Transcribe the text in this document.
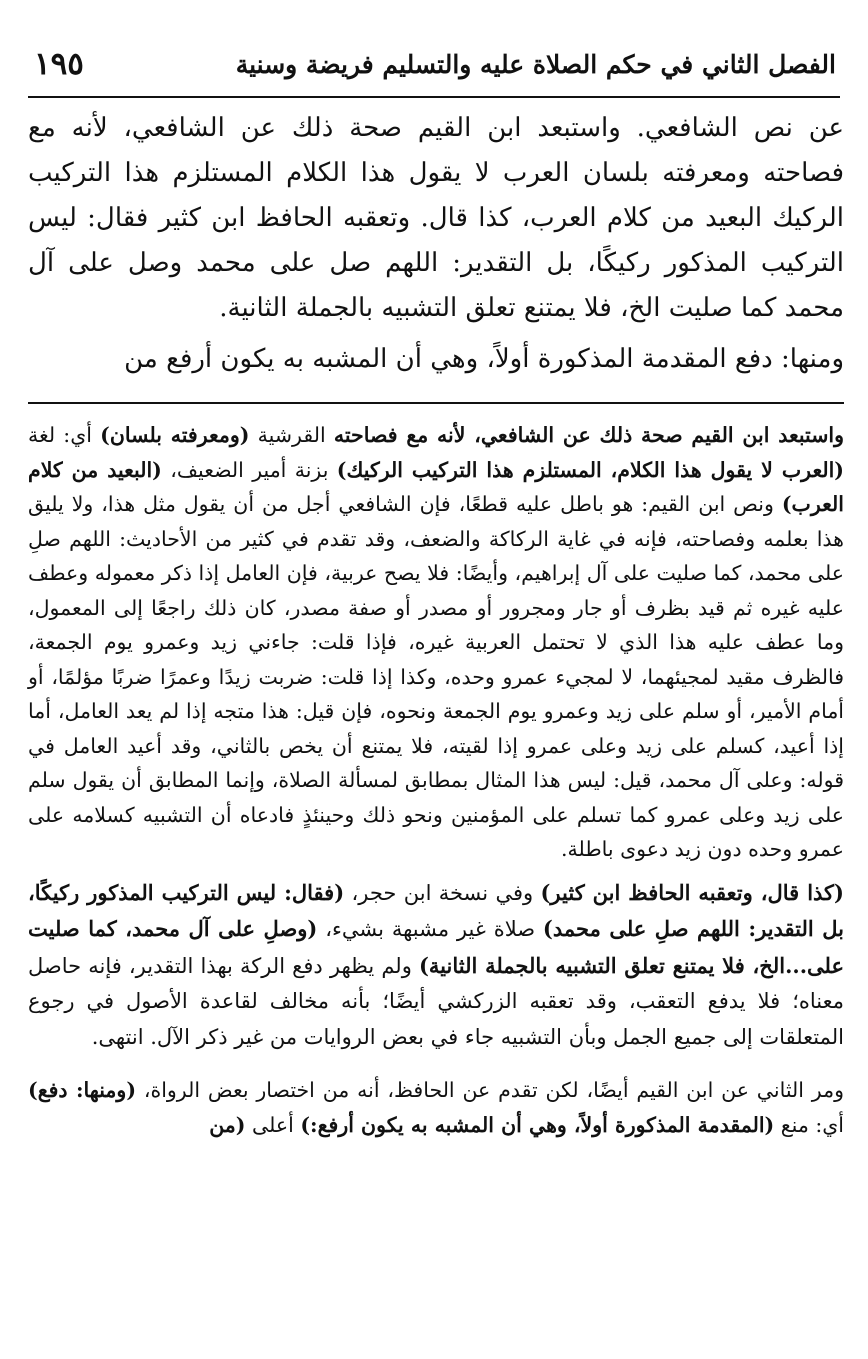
الفصل الثاني في حكم الصلاة عليه والتسليم فريضة وسنية
١٩٥

عن نص الشافعي. واستبعد ابن القيم صحة ذلك عن الشافعي، لأنه مع فصاحته ومعرفته بلسان العرب لا يقول هذا الكلام المستلزم هذا التركيب الركيك البعيد من كلام العرب، كذا قال. وتعقبه الحافظ ابن كثير فقال: ليس التركيب المذكور ركيكًا، بل التقدير: اللهم صل على محمد وصل على آل محمد كما صليت الخ، فلا يمتنع تعلق التشبيه بالجملة الثانية.

ومنها: دفع المقدمة المذكورة أولاً، وهي أن المشبه به يكون أرفع من

واستبعد ابن القيم صحة ذلك عن الشافعي، لأنه مع فصاحته القرشية (ومعرفته بلسان) أي: لغة (العرب لا يقول هذا الكلام، المستلزم هذا التركيب الركيك) بزنة أمير الضعيف، (البعيد من كلام العرب) ونص ابن القيم: هو باطل عليه قطعًا، فإن الشافعي أجل من أن يقول مثل هذا، ولا يليق هذا بعلمه وفصاحته، فإنه في غاية الركاكة والضعف، وقد تقدم في كثير من الأحاديث: اللهم صلِ على محمد، كما صليت على آل إبراهيم، وأيضًا: فلا يصح عربية، فإن العامل إذا ذكر معموله وعطف عليه غيره ثم قيد بظرف أو جار ومجرور أو مصدر أو صفة مصدر، كان ذلك راجعًا إلى المعمول، وما عطف عليه هذا الذي لا تحتمل العربية غيره، فإذا قلت: جاءني زيد وعمرو يوم الجمعة، فالظرف مقيد لمجيئهما، لا لمجيء عمرو وحده، وكذا إذا قلت: ضربت زيدًا وعمرًا ضربًا مؤلمًا، أو أمام الأمير، أو سلم على زيد وعمرو يوم الجمعة ونحوه، فإن قيل: هذا متجه إذا لم يعد العامل، أما إذا أعيد، كسلم على زيد وعلى عمرو إذا لقيته، فلا يمتنع أن يخص بالثاني، وقد أعيد العامل في قوله: وعلى آل محمد، قيل: ليس هذا المثال بمطابق لمسألة الصلاة، وإنما المطابق أن يقول سلم على زيد وعلى عمرو كما تسلم على المؤمنين ونحو ذلك وحينئذٍ فادعاه أن التشبيه كسلامه على عمرو وحده دون زيد دعوى باطلة.

(كذا قال، وتعقبه الحافظ ابن كثير) وفي نسخة ابن حجر، (فقال: ليس التركيب المذكور ركيكًا، بل التقدير: اللهم صلِ على محمد) صلاة غير مشبهة بشيء، (وصلِ على آل محمد، كما صليت على...الخ، فلا يمتنع تعلق التشبيه بالجملة الثانية) ولم يظهر دفع الركة بهذا التقدير، فإنه حاصل معناه؛ فلا يدفع التعقب، وقد تعقبه الزركشي أيضًا؛ بأنه مخالف لقاعدة الأصول في رجوع المتعلقات إلى جميع الجمل وبأن التشبيه جاء في بعض الروايات من غير ذكر الآل. انتهى.

ومر الثاني عن ابن القيم أيضًا، لكن تقدم عن الحافظ، أنه من اختصار بعض الرواة، (ومنها: دفع) أي: منع (المقدمة المذكورة أولاً، وهي أن المشبه به يكون أرفع:) أعلى (من
